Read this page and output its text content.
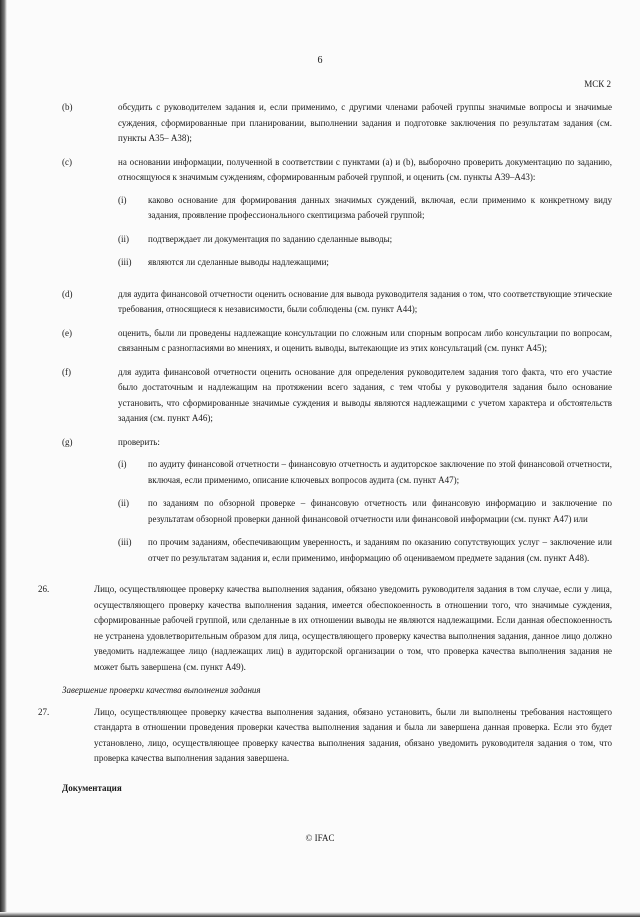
6
МСК 2
(b)	обсудить с руководителем задания и, если применимо, с другими членами рабочей группы значимые вопросы и значимые суждения, сформированные при планировании, выполнении задания и подготовке заключения по результатам задания (см. пункты А35– А38);
(c)	на основании информации, полученной в соответствии с пунктами (a) и (b), выборочно проверить документацию по заданию, относящуюся к значимым суждениям, сформированным рабочей группой, и оценить (см. пункты А39–А43):
(i)	каково основание для формирования данных значимых суждений, включая, если применимо к конкретному виду задания, проявление профессионального скептицизма рабочей группой;
(ii)	подтверждает ли документация по заданию сделанные выводы;
(iii)	являются ли сделанные выводы надлежащими;
(d)	для аудита финансовой отчетности оценить основание для вывода руководителя задания о том, что соответствующие этические требования, относящиеся к независимости, были соблюдены (см. пункт А44);
(e)	оценить, были ли проведены надлежащие консультации по сложным или спорным вопросам либо консультации по вопросам, связанным с разногласиями во мнениях, и оценить выводы, вытекающие из этих консультаций (см. пункт А45);
(f)	для аудита финансовой отчетности оценить основание для определения руководителем задания того факта, что его участие было достаточным и надлежащим на протяжении всего задания, с тем чтобы у руководителя задания было основание установить, что сформированные значимые суждения и выводы являются надлежащими с учетом характера и обстоятельств задания (см. пункт А46);
(g)	проверить:
(i)	по аудиту финансовой отчетности – финансовую отчетность и аудиторское заключение по этой финансовой отчетности, включая, если применимо, описание ключевых вопросов аудита (см. пункт А47);
(ii)	по заданиям по обзорной проверке – финансовую отчетность или финансовую информацию и заключение по результатам обзорной проверки данной финансовой отчетности или финансовой информации (см. пункт А47) или
(iii)	по прочим заданиям, обеспечивающим уверенность, и заданиям по оказанию сопутствующих услуг – заключение или отчет по результатам задания и, если применимо, информацию об оцениваемом предмете задания (см. пункт А48).
26.	Лицо, осуществляющее проверку качества выполнения задания, обязано уведомить руководителя задания в том случае, если у лица, осуществляющего проверку качества выполнения задания, имеется обеспокоенность в отношении того, что значимые суждения, сформированные рабочей группой, или сделанные в их отношении выводы не являются надлежащими. Если данная обеспокоенность не устранена удовлетворительным образом для лица, осуществляющего проверку качества выполнения задания, данное лицо должно уведомить надлежащее лицо (надлежащих лиц) в аудиторской организации о том, что проверка качества выполнения задания не может быть завершена (см. пункт А49).
Завершение проверки качества выполнения задания
27.	Лицо, осуществляющее проверку качества выполнения задания, обязано установить, были ли выполнены требования настоящего стандарта в отношении проведения проверки качества выполнения задания и была ли завершена данная проверка. Если это будет установлено, лицо, осуществляющее проверку качества выполнения задания, обязано уведомить руководителя задания о том, что проверка качества выполнения задания завершена.
Документация
© IFAC
